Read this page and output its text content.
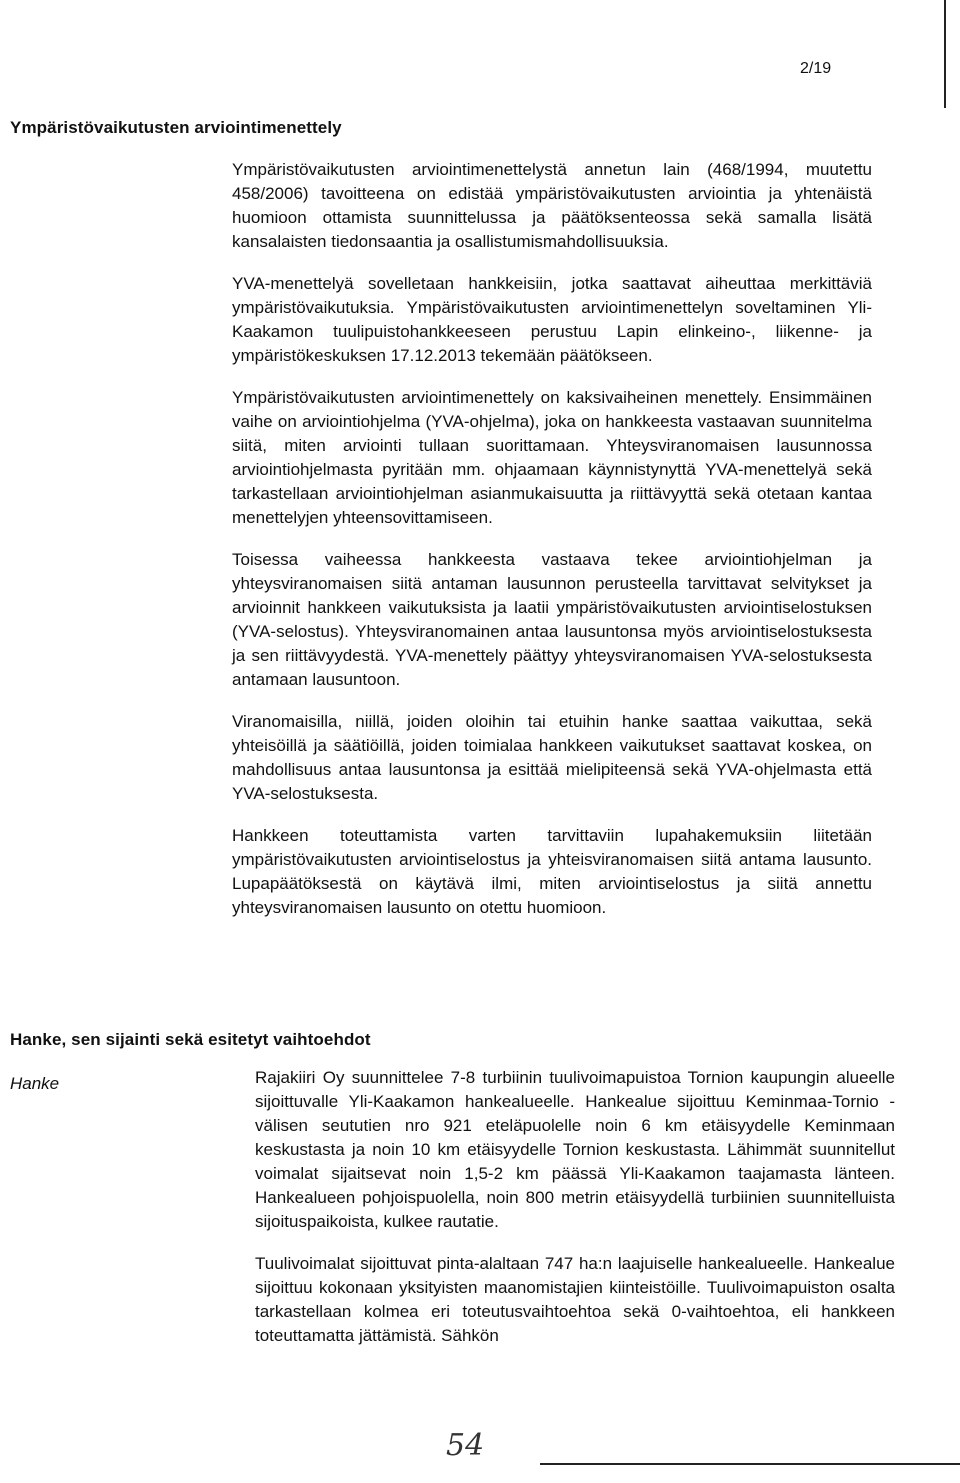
2/19
Ympäristövaikutusten arviointimenettely

Ympäristövaikutusten arviointimenettelystä annetun lain (468/1994, muutettu 458/2006) tavoitteena on edistää ympäristövaikutusten arviointia ja yhtenäistä huomioon ottamista suunnittelussa ja päätöksenteossa sekä samalla lisätä kansalaisten tiedonsaantia ja osallistumismahdollisuuksia.

YVA-menettelyä sovelletaan hankkeisiin, jotka saattavat aiheuttaa merkittäviä ympäristövaikutuksia. Ympäristövaikutusten arviointimenettelyn soveltaminen Yli-Kaakamon tuulipuistohankkeeseen perustuu Lapin elinkeino-, liikenne- ja ympäristökeskuksen 17.12.2013 tekemään päätökseen.

Ympäristövaikutusten arviointimenettely on kaksivaiheinen menettely. Ensimmäinen vaihe on arviointiohjelma (YVA-ohjelma), joka on hankkeesta vastaavan suunnitelma siitä, miten arviointi tullaan suorittamaan. Yhteysviranomaisen lausunnossa arviointiohjelmasta pyritään mm. ohjaamaan käynnistynyttä YVA-menettelyä sekä tarkastellaan arviointiohjelman asianmukaisuutta ja riittävyyttä sekä otetaan kantaa menettelyjen yhteensovittamiseen.

Toisessa vaiheessa hankkeesta vastaava tekee arviointiohjelman ja yhteysviranomaisen siitä antaman lausunnon perusteella tarvittavat selvitykset ja arvioinnit hankkeen vaikutuksista ja laatii ympäristövaikutusten arviointiselostuksen (YVA-selostus). Yhteysviranomainen antaa lausuntonsa myös arviointiselostuksesta ja sen riittävyydestä. YVA-menettely päättyy yhteysviranomaisen YVA-selostuksesta antamaan lausuntoon.

Viranomaisilla, niillä, joiden oloihin tai etuihin hanke saattaa vaikuttaa, sekä yhteisöillä ja säätiöillä, joiden toimialaa hankkeen vaikutukset saattavat koskea, on mahdollisuus antaa lausuntonsa ja esittää mielipiteensä sekä YVA-ohjelmasta että YVA-selostuksesta.

Hankkeen toteuttamista varten tarvittaviin lupahakemuksiin liitetään ympäristövaikutusten arviointiselostus ja yhteisviranomaisen siitä antama lausunto. Lupapäätöksestä on käytävä ilmi, miten arviointiselostus ja siitä annettu yhteysviranomaisen lausunto on otettu huomioon.

Hanke, sen sijainti sekä esitetyt vaihtoehdot
Hanke	Rajakiiri Oy suunnittelee 7-8 turbiinin tuulivoimapuistoa Tornion kaupungin alueelle sijoittuvalle Yli-Kaakamon hankealueelle. Hankealue sijoittuu Keminmaa-Tornio -välisen seututien nro 921 eteläpuolelle noin 6 km etäisyydelle Keminmaan keskustasta ja noin 10 km etäisyydelle Tornion keskustasta. Lähimmät suunnitellut voimalat sijaitsevat noin 1,5-2 km päässä Yli-Kaakamon taajamasta länteen. Hankealueen pohjoispuolella, noin 800 metrin etäisyydellä turbiinien suunnitelluista sijoituspaikoista, kulkee rautatie.

Tuulivoimalat sijoittuvat pinta-alaltaan 747 ha:n laajuiselle hankealueelle. Hankealue sijoittuu kokonaan yksityisten maanomistajien kiinteistöille. Tuulivoimapuiston osalta tarkastellaan kolmea eri toteutusvaihtoehtoa sekä 0-vaihtoehtoa, eli hankkeen toteuttamatta jättämistä. Sähkön

54
